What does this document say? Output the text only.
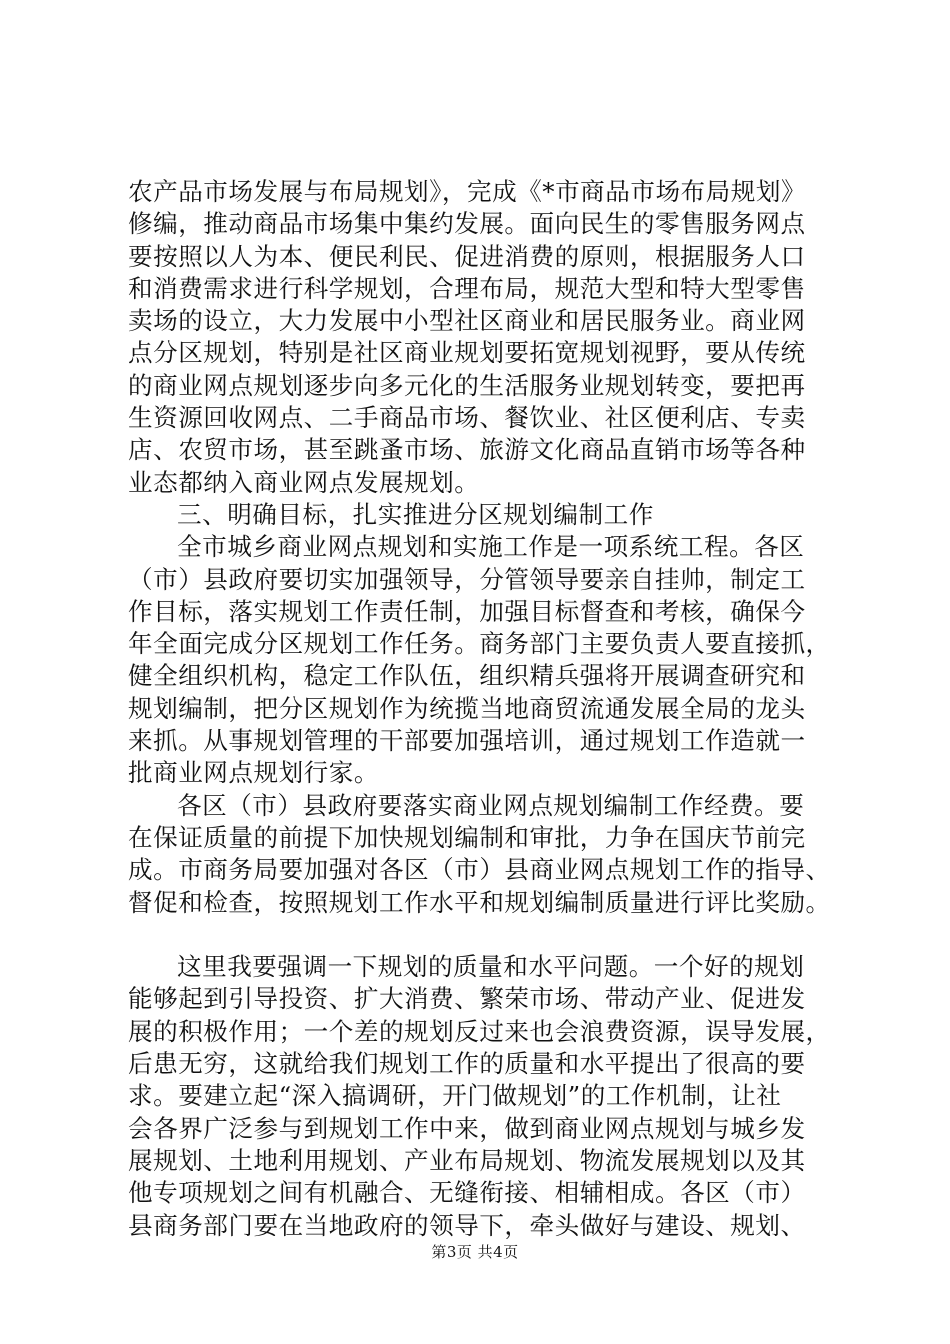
农产品市场发展与布局规划》，完成《*市商品市场布局规划》
修编，推动商品市场集中集约发展。面向民生的零售服务网点
要按照以人为本、便民利民、促进消费的原则，根据服务人口
和消费需求进行科学规划，合理布局，规范大型和特大型零售
卖场的设立，大力发展中小型社区商业和居民服务业。商业网
点分区规划，特别是社区商业规划要拓宽规划视野，要从传统
的商业网点规划逐步向多元化的生活服务业规划转变，要把再
生资源回收网点、二手商品市场、餐饮业、社区便利店、专卖
店、农贸市场，甚至跳蚤市场、旅游文化商品直销市场等各种
业态都纳入商业网点发展规划。
三、明确目标，扎实推进分区规划编制工作
全市城乡商业网点规划和实施工作是一项系统工程。各区
（市）县政府要切实加强领导，分管领导要亲自挂帅，制定工
作目标，落实规划工作责任制，加强目标督查和考核，确保今
年全面完成分区规划工作任务。商务部门主要负责人要直接抓，
健全组织机构，稳定工作队伍，组织精兵强将开展调查研究和
规划编制，把分区规划作为统揽当地商贸流通发展全局的龙头
来抓。从事规划管理的干部要加强培训，通过规划工作造就一
批商业网点规划行家。
各区（市）县政府要落实商业网点规划编制工作经费。要
在保证质量的前提下加快规划编制和审批，力争在国庆节前完
成。市商务局要加强对各区（市）县商业网点规划工作的指导、
督促和检查，按照规划工作水平和规划编制质量进行评比奖励。
这里我要强调一下规划的质量和水平问题。一个好的规划
能够起到引导投资、扩大消费、繁荣市场、带动产业、促进发
展的积极作用；一个差的规划反过来也会浪费资源，误导发展，
后患无穷，这就给我们规划工作的质量和水平提出了很高的要
求。要建立起“深入搞调研，开门做规划”的工作机制，让社
会各界广泛参与到规划工作中来，做到商业网点规划与城乡发
展规划、土地利用规划、产业布局规划、物流发展规划以及其
他专项规划之间有机融合、无缝衔接、相辅相成。各区（市）
县商务部门要在当地政府的领导下，牵头做好与建设、规划、
第3页 共4页
